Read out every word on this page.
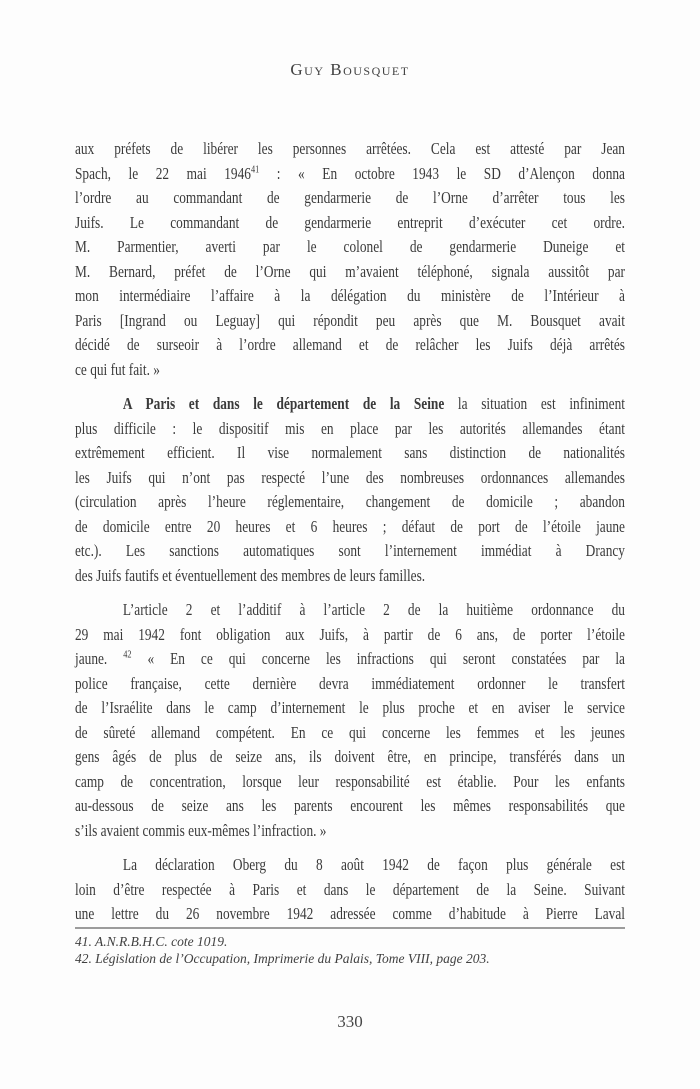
Guy Bousquet
aux préfets de libérer les personnes arrêtées. Cela est attesté par Jean
Spach, le 22 mai 1946$^{41}$ : « En octobre 1943 le SD d’Alençon donna
l’ordre au commandant de gendarmerie de l’Orne d’arrêter tous les
Juifs. Le commandant de gendarmerie entreprit d’exécuter cet ordre.
M. Parmentier, averti par le colonel de gendarmerie Duneige et
M. Bernard, préfet de l’Orne qui m’avaient téléphoné, signala aussitôt par
mon intermédiaire l’affaire à la délégation du ministère de l’Intérieur à
Paris [Ingrand ou Leguay] qui répondit peu après que M. Bousquet avait
décidé de surseoir à l’ordre allemand et de relâcher les Juifs déjà arrêtés
ce qui fut fait. »
A Paris et dans le département de la Seine la situation est infiniment
plus difficile : le dispositif mis en place par les autorités allemandes étant
extrêmement efficient. Il vise normalement sans distinction de nationalités
les Juifs qui n’ont pas respecté l’une des nombreuses ordonnances allemandes
(circulation après l’heure réglementaire, changement de domicile ; abandon
de domicile entre 20 heures et 6 heures ; défaut de port de l’étoile jaune
etc.). Les sanctions automatiques sont l’internement immédiat à Drancy
des Juifs fautifs et éventuellement des membres de leurs familles.
L’article 2 et l’additif à l’article 2 de la huitième ordonnance du
29 mai 1942 font obligation aux Juifs, à partir de 6 ans, de porter l’étoile
jaune. $^{42}$ « En ce qui concerne les infractions qui seront constatées par la
police française, cette dernière devra immédiatement ordonner le transfert
de l’Israélite dans le camp d’internement le plus proche et en aviser le service
de sûreté allemand compétent. En ce qui concerne les femmes et les jeunes
gens âgés de plus de seize ans, ils doivent être, en principe, transférés dans un
camp de concentration, lorsque leur responsabilité est établie. Pour les enfants
au-dessous de seize ans les parents encourent les mêmes responsabilités que
s’ils avaient commis eux-mêmes l’infraction. »
La déclaration Oberg du 8 août 1942 de façon plus générale est
loin d’être respectée à Paris et dans le département de la Seine. Suivant
une lettre du 26 novembre 1942 adressée comme d’habitude à Pierre Laval
41. A.N.R.B.H.C. cote 1019.
42. Législation de l’Occupation, Imprimerie du Palais, Tome VIII, page 203.
330
